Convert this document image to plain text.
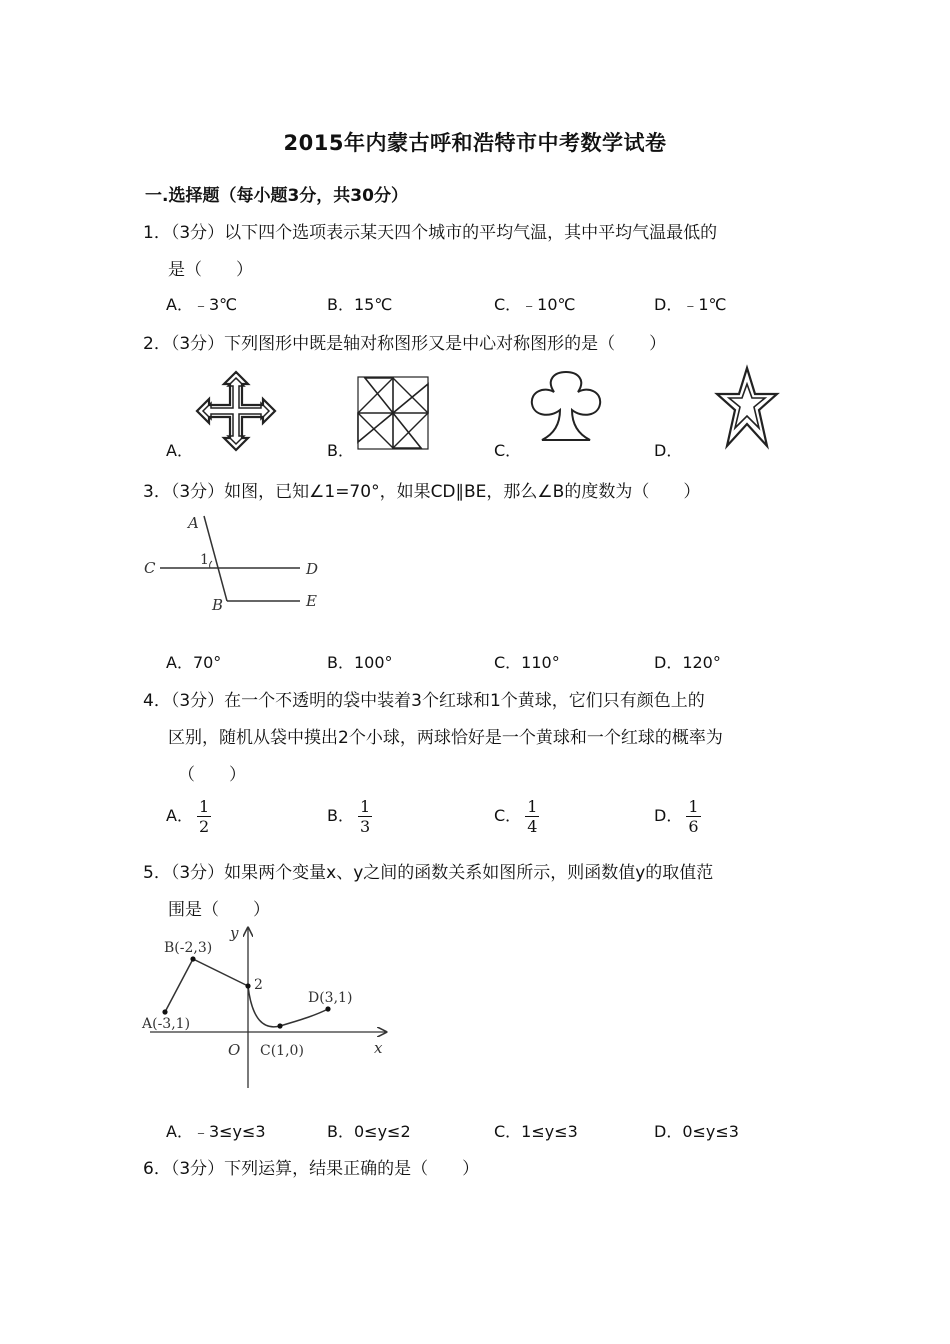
2015年内蒙古呼和浩特市中考数学试卷
一.选择题（每小题3分，共30分）
1．（3分）以下四个选项表示某天四个城市的平均气温，其中平均气温最低的
是（　　）
A．﹣3℃	B．15℃	C．﹣10℃	D．﹣1℃
2．（3分）下列图形中既是轴对称图形又是中心对称图形的是（　　）
A．	B．	C．	D．
3．（3分）如图，已知∠1=70°，如果CD∥BE，那么∠B的度数为（　　）
A
1
C	D
B	E
A．70°	B．100°	C．110°	D．120°
4．（3分）在一个不透明的袋中装着3个红球和1个黄球，它们只有颜色上的
区别，随机从袋中摸出2个小球，两球恰好是一个黄球和一个红球的概率为
（　　）
A． $\frac{1}{2}$	B． $\frac{1}{3}$	C． $\frac{1}{4}$	D． $\frac{1}{6}$
5．（3分）如果两个变量x、y之间的函数关系如图所示，则函数值y的取值范
围是（　　）
y
x
O
2
A(-3,1)
B(-2,3)
C(1,0)
D(3,1)
A．﹣3≤y≤3	B．0≤y≤2	C．1≤y≤3	D．0≤y≤3
6．（3分）下列运算，结果正确的是（　　）
